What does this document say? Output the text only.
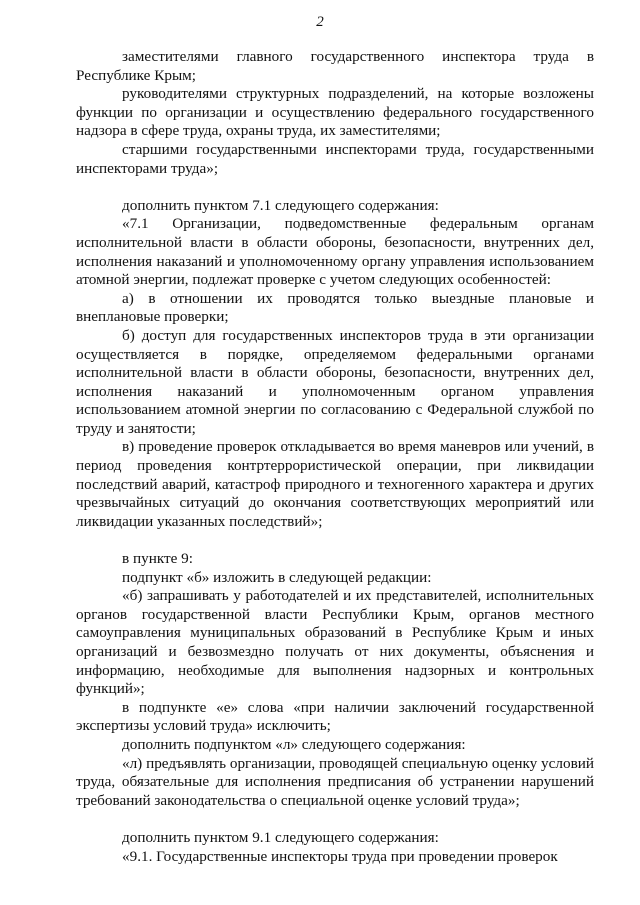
2

заместителями главного государственного инспектора труда в Республике Крым;

руководителями структурных подразделений, на которые возложены функции по организации и осуществлению федерального государственного надзора в сфере труда, охраны труда, их заместителями;

старшими государственными инспекторами труда, государственными инспекторами труда»;

дополнить пунктом 7.1 следующего содержания:

«7.1 Организации, подведомственные федеральным органам исполнительной власти в области обороны, безопасности, внутренних дел, исполнения наказаний и уполномоченному органу управления использованием атомной энергии, подлежат проверке с учетом следующих особенностей:

а) в отношении их проводятся только выездные плановые и внеплановые проверки;

б) доступ для государственных инспекторов труда в эти организации осуществляется в порядке, определяемом федеральными органами исполнительной власти в области обороны, безопасности, внутренних дел, исполнения наказаний и уполномоченным органом управления использованием атомной энергии по согласованию с Федеральной службой по труду и занятости;

в) проведение проверок откладывается во время маневров или учений, в период проведения контртеррористической операции, при ликвидации последствий аварий, катастроф природного и техногенного характера и других чрезвычайных ситуаций до окончания соответствующих мероприятий или ликвидации указанных последствий»;

в пункте 9:

подпункт «б» изложить в следующей редакции:

«б) запрашивать у работодателей и их представителей, исполнительных органов государственной власти Республики Крым, органов местного самоуправления муниципальных образований в Республике Крым и иных организаций и безвозмездно получать от них документы, объяснения и информацию, необходимые для выполнения надзорных и контрольных функций»;

в подпункте «е» слова «при наличии заключений государственной экспертизы условий труда» исключить;

дополнить подпунктом «л» следующего содержания:

«л) предъявлять организации, проводящей специальную оценку условий труда, обязательные для исполнения предписания об устранении нарушений требований законодательства о специальной оценке условий труда»;

дополнить пунктом 9.1 следующего содержания:

«9.1. Государственные инспекторы труда при проведении проверок
